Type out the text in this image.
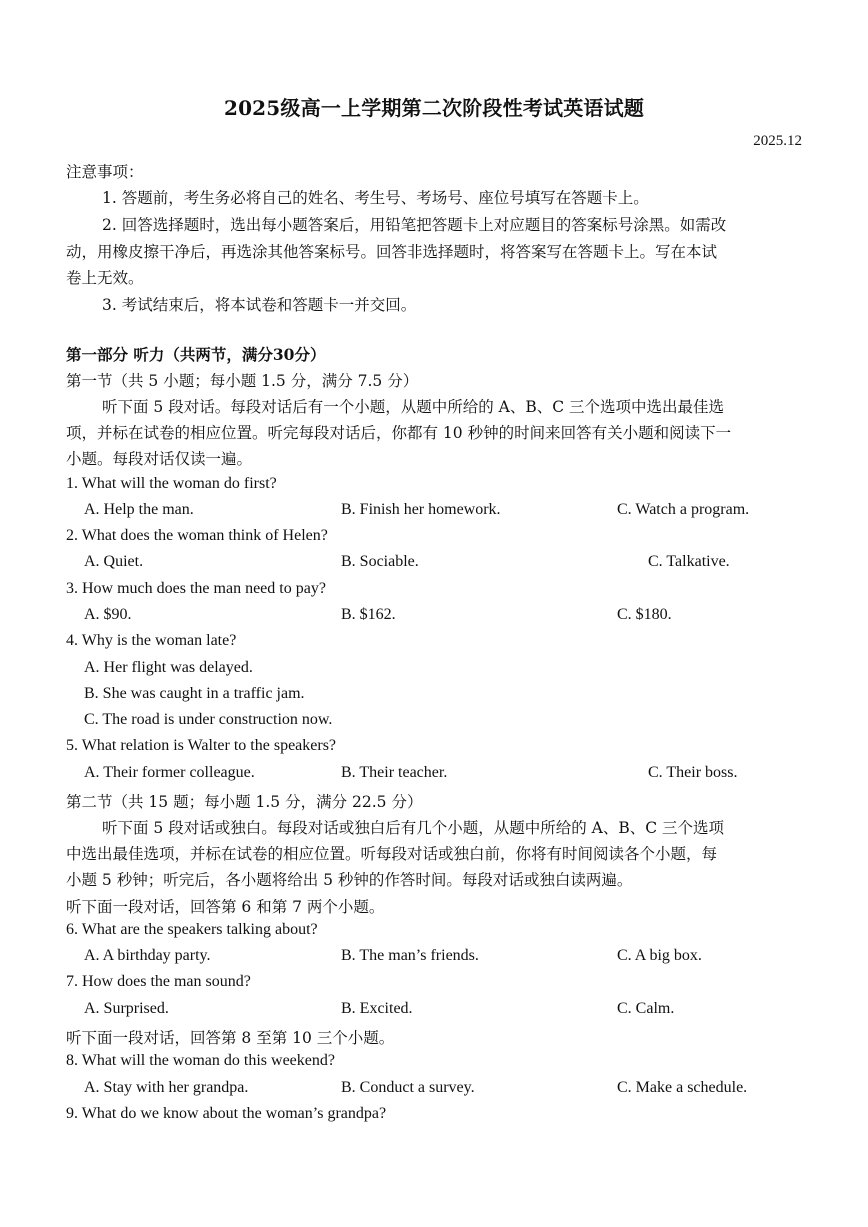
2025级高一上学期第二次阶段性考试英语试题
2025.12
注意事项：
1. 答题前，考生务必将自己的姓名、考生号、考场号、座位号填写在答题卡上。
2. 回答选择题时，选出每小题答案后，用铅笔把答题卡上对应题目的答案标号涂黑。如需改
动，用橡皮擦干净后，再选涂其他答案标号。回答非选择题时，将答案写在答题卡上。写在本试
卷上无效。
3. 考试结束后，将本试卷和答题卡一并交回。
第一部分 听力（共两节，满分30分）
第一节（共 5 小题；每小题 1.5 分，满分 7.5 分）
听下面 5 段对话。每段对话后有一个小题，从题中所给的 A、B、C 三个选项中选出最佳选
项，并标在试卷的相应位置。听完每段对话后，你都有 10 秒钟的时间来回答有关小题和阅读下一
小题。每段对话仅读一遍。
1. What will the woman do first?
A. Help the man.	B. Finish her homework.	C. Watch a program.
2. What does the woman think of Helen?
A. Quiet.	B. Sociable.	C. Talkative.
3. How much does the man need to pay?
A. $90.	B. $162.	C. $180.
4. Why is the woman late?
A. Her flight was delayed.
B. She was caught in a traffic jam.
C. The road is under construction now.
5. What relation is Walter to the speakers?
A. Their former colleague.	B. Their teacher.	C. Their boss.
第二节（共 15 题；每小题 1.5 分，满分 22.5 分）
听下面 5 段对话或独白。每段对话或独白后有几个小题，从题中所给的 A、B、C 三个选项
中选出最佳选项，并标在试卷的相应位置。听每段对话或独白前，你将有时间阅读各个小题，每
小题 5 秒钟；听完后，各小题将给出 5 秒钟的作答时间。每段对话或独白读两遍。
听下面一段对话，回答第 6 和第 7 两个小题。
6. What are the speakers talking about?
A. A birthday party.	B. The man’s friends.	C. A big box.
7. How does the man sound?
A. Surprised.	B. Excited.	C. Calm.
听下面一段对话，回答第 8 至第 10 三个小题。
8. What will the woman do this weekend?
A. Stay with her grandpa.	B. Conduct a survey.	C. Make a schedule.
9. What do we know about the woman’s grandpa?
